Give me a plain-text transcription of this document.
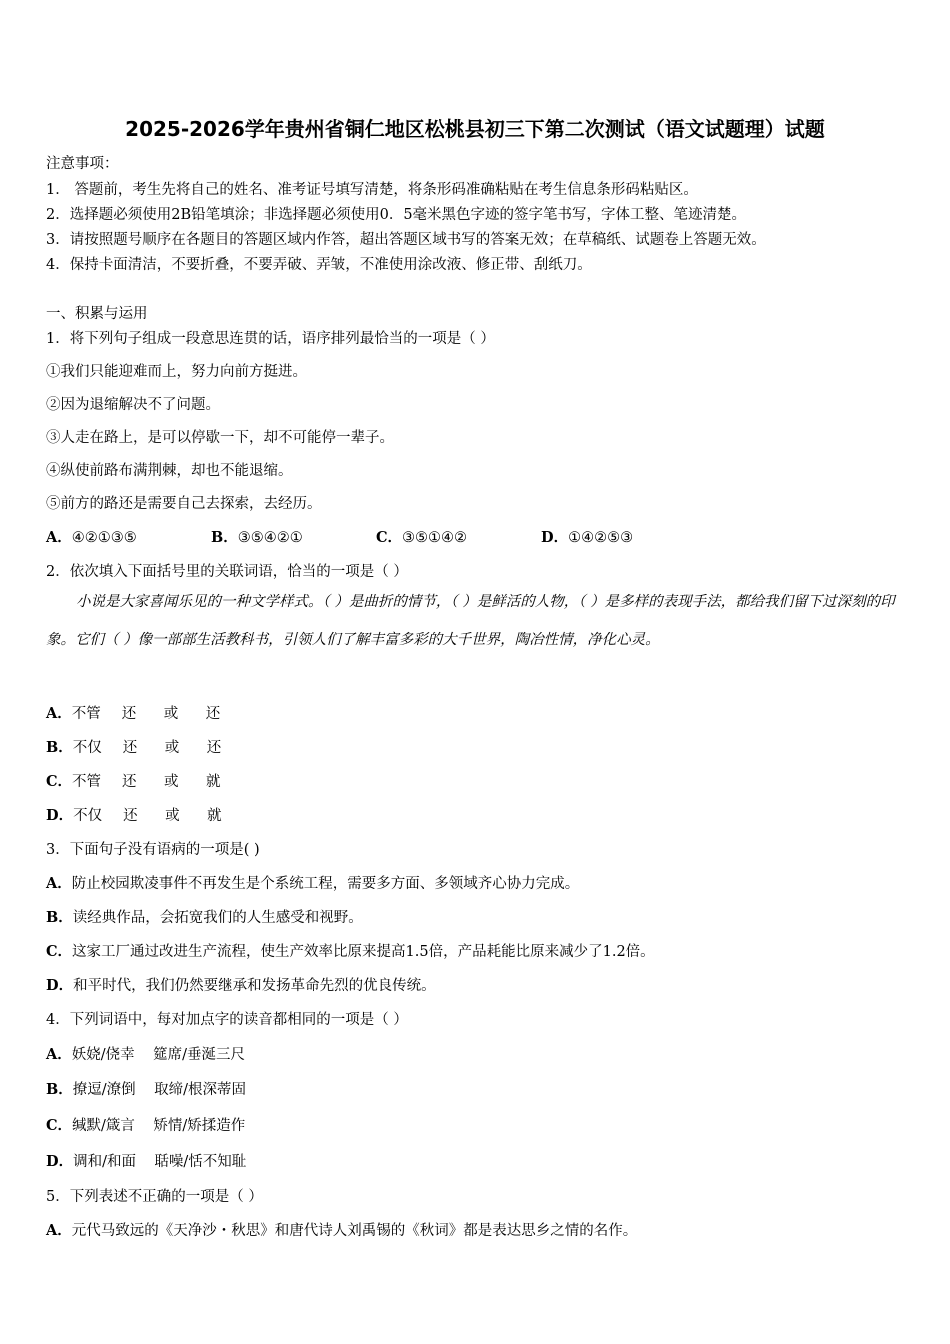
2025-2026学年贵州省铜仁地区松桃县初三下第二次测试（语文试题理）试题
注意事项：
1． 答题前，考生先将自己的姓名、准考证号填写清楚，将条形码准确粘贴在考生信息条形码粘贴区。
2．选择题必须使用2B铅笔填涂；非选择题必须使用0．5毫米黑色字迹的签字笔书写，字体工整、笔迹清楚。
3．请按照题号顺序在各题目的答题区域内作答，超出答题区域书写的答案无效；在草稿纸、试题卷上答题无效。
4．保持卡面清洁，不要折叠，不要弄破、弄皱，不准使用涂改液、修正带、刮纸刀。
一、积累与运用
1．将下列句子组成一段意思连贯的话，语序排列最恰当的一项是（ ）
①我们只能迎难而上，努力向前方挺进。
②因为退缩解决不了问题。
③人走在路上，是可以停歇一下，却不可能停一辈子。
④纵使前路布满荆棘，却也不能退缩。
⑤前方的路还是需要自己去探索，去经历。
A．④②①③⑤	B．③⑤④②①	C．③⑤①④②	D．①④②⑤③
2．依次填入下面括号里的关联词语，恰当的一项是（ ）
小说是大家喜闻乐见的一种文学样式。（ ）是曲折的情节，（ ）是鲜活的人物，（ ）是多样的表现手法，都给我们留下过深刻的印象。它们（ ）像一部部生活教科书，引领人们了解丰富多彩的大千世界，陶冶性情，净化心灵。
A．不管 还 或 还
B．不仅 还 或 还
C．不管 还 或 就
D．不仅 还 或 就
3．下面句子没有语病的一项是( )
A．防止校园欺凌事件不再发生是个系统工程，需要多方面、多领域齐心协力完成。
B．读经典作品，会拓宽我们的人生感受和视野。
C．这家工厂通过改进生产流程，使生产效率比原来提高1.5倍，产品耗能比原来减少了1.2倍。
D．和平时代，我们仍然要继承和发扬革命先烈的优良传统。
4．下列词语中，每对加点字的读音都相同的一项是（ ）
A．妖娆/侥幸    筵席/垂涎三尺
B．撩逗/潦倒    取缔/根深蒂固
C．缄默/箴言    矫情/矫揉造作
D．调和/和面    聒噪/恬不知耻
5．下列表述不正确的一项是（ ）
A．元代马致远的《天净沙・秋思》和唐代诗人刘禹锡的《秋词》都是表达思乡之情的名作。
